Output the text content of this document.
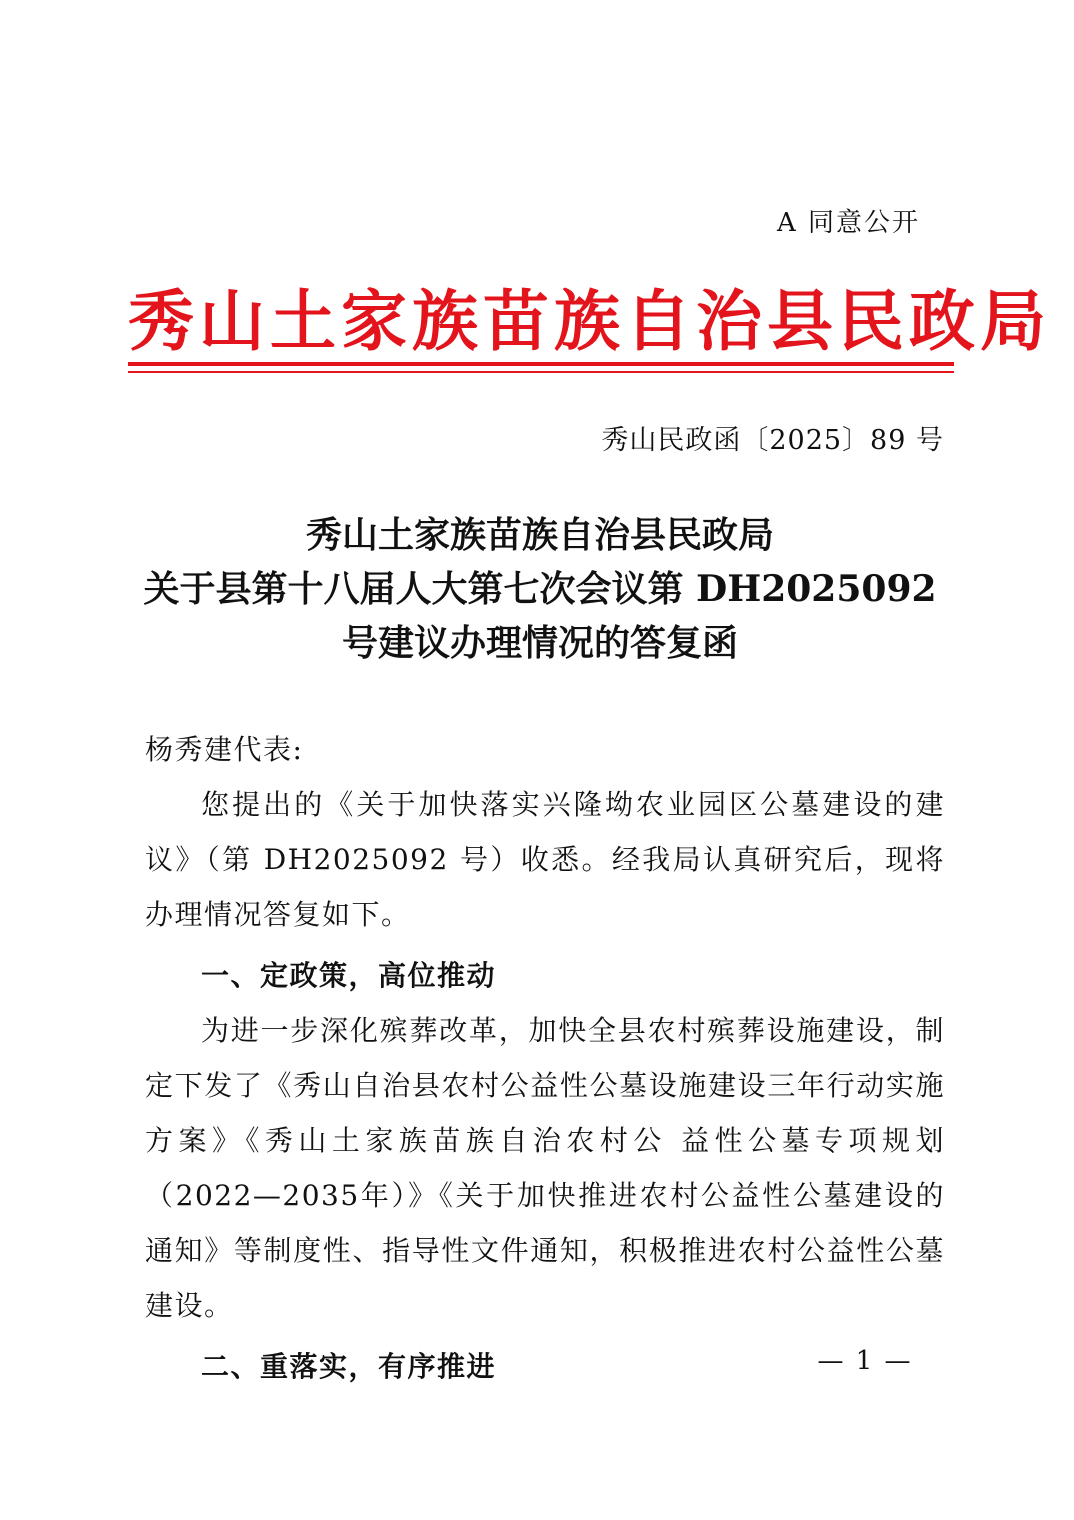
A 同意公开
秀山土家族苗族自治县民政局
秀山民政函〔2025〕89 号
秀山土家族苗族自治县民政局
关于县第十八届人大第七次会议第 DH2025092
号建议办理情况的答复函

杨秀建代表:

您提出的《关于加快落实兴隆坳农业园区公墓建设的建议》（第 DH2025092 号）收悉。经我局认真研究后，现将办理情况答复如下。

一、定政策，高位推动

为进一步深化殡葬改革，加快全县农村殡葬设施建设，制定下发了《秀山自治县农村公益性公墓设施建设三年行动实施方案》《秀山土家族苗族自治农村公 益性公墓专项规划（2022—2035年）》《关于加快推进农村公益性公墓建设的通知》等制度性、指导性文件通知，积极推进农村公益性公墓建设。

二、重落实，有序推进	— 1 —
